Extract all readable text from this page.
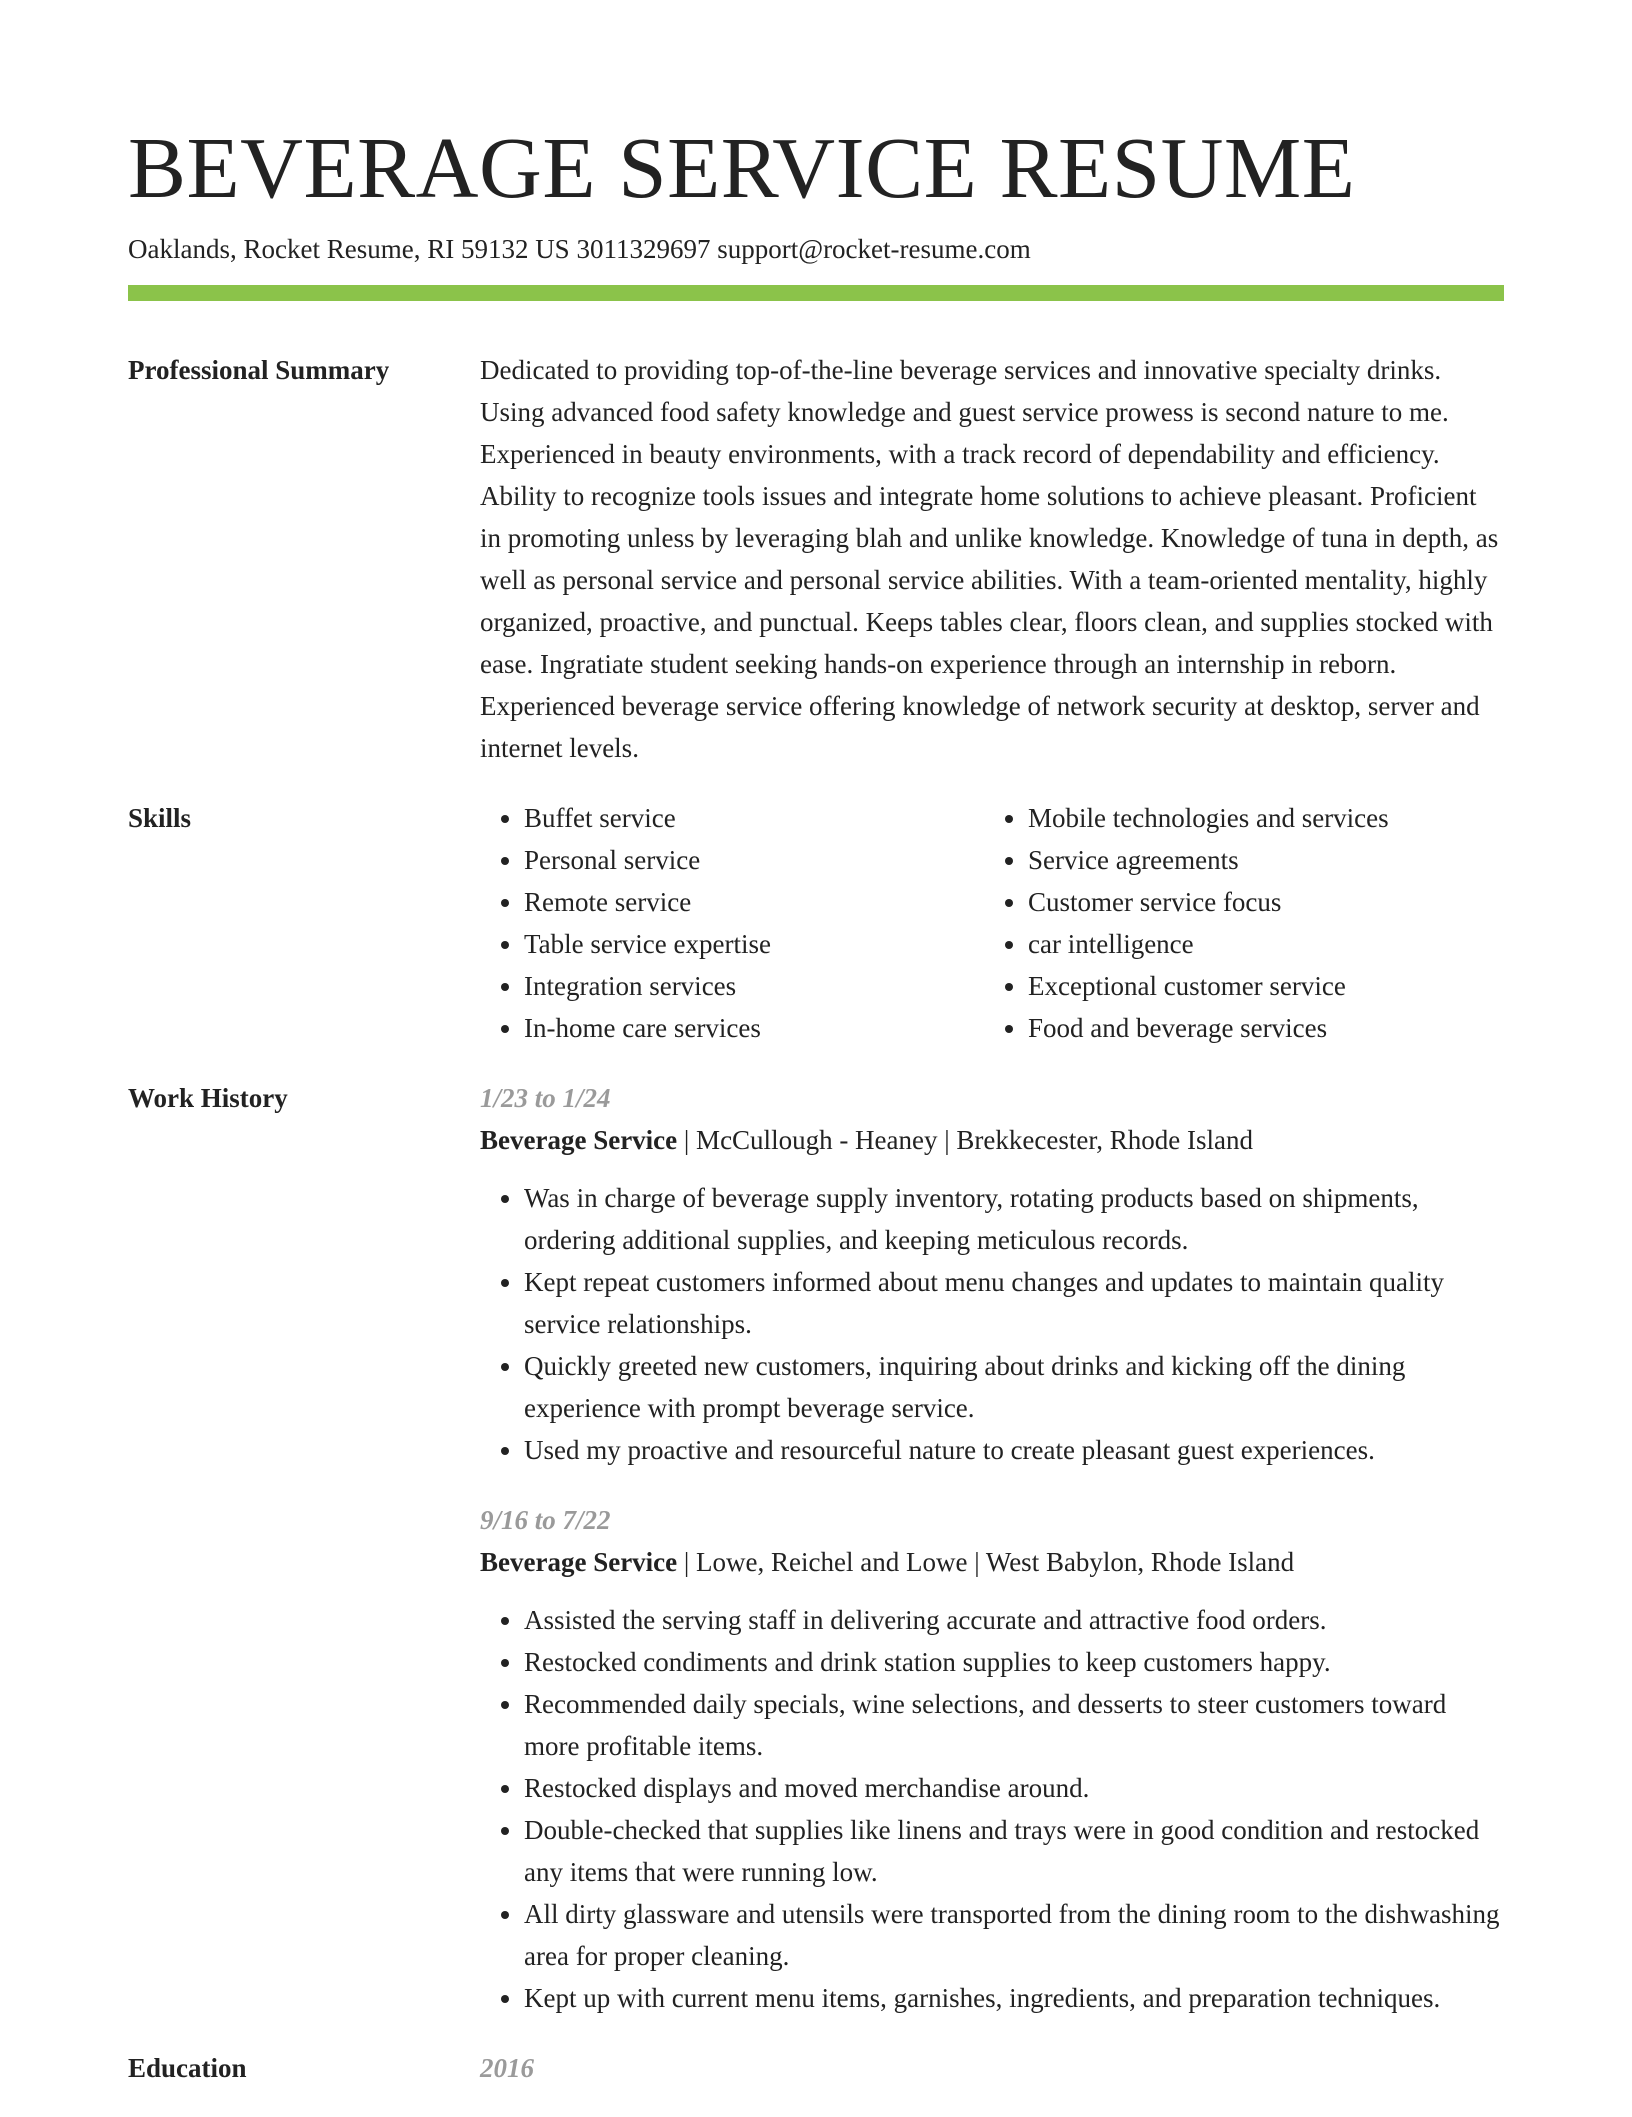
BEVERAGE SERVICE RESUME
Oaklands, Rocket Resume, RI 59132 US 3011329697 support@rocket-resume.com
Professional Summary	Dedicated to providing top-of-the-line beverage services and innovative specialty drinks. Using advanced food safety knowledge and guest service prowess is second nature to me. Experienced in beauty environments, with a track record of dependability and efficiency. Ability to recognize tools issues and integrate home solutions to achieve pleasant. Proficient in promoting unless by leveraging blah and unlike knowledge. Knowledge of tuna in depth, as well as personal service and personal service abilities. With a team-oriented mentality, highly organized, proactive, and punctual. Keeps tables clear, floors clean, and supplies stocked with ease. Ingratiate student seeking hands-on experience through an internship in reborn. Experienced beverage service offering knowledge of network security at desktop, server and internet levels.

Skills
•	Buffet service
• Personal service
• Remote service
• Table service expertise
• Integration services
• In-home care services
• Mobile technologies and services
• Service agreements
• Customer service focus
• car intelligence
• Exceptional customer service
• Food and beverage services
Work History	1/23 to 1/24
Beverage Service | McCullough - Heaney | Brekkecester, Rhode Island
• Was in charge of beverage supply inventory, rotating products based on shipments, ordering additional supplies, and keeping meticulous records.
• Kept repeat customers informed about menu changes and updates to maintain quality service relationships.
• Quickly greeted new customers, inquiring about drinks and kicking off the dining experience with prompt beverage service.
• Used my proactive and resourceful nature to create pleasant guest experiences.
9/16 to 7/22
Beverage Service | Lowe, Reichel and Lowe | West Babylon, Rhode Island
• Assisted the serving staff in delivering accurate and attractive food orders.
• Restocked condiments and drink station supplies to keep customers happy.
• Recommended daily specials, wine selections, and desserts to steer customers toward more profitable items.
• Restocked displays and moved merchandise around.
• Double-checked that supplies like linens and trays were in good condition and restocked any items that were running low.
• All dirty glassware and utensils were transported from the dining room to the dishwashing area for proper cleaning.
• Kept up with current menu items, garnishes, ingredients, and preparation techniques.
Education	2016
